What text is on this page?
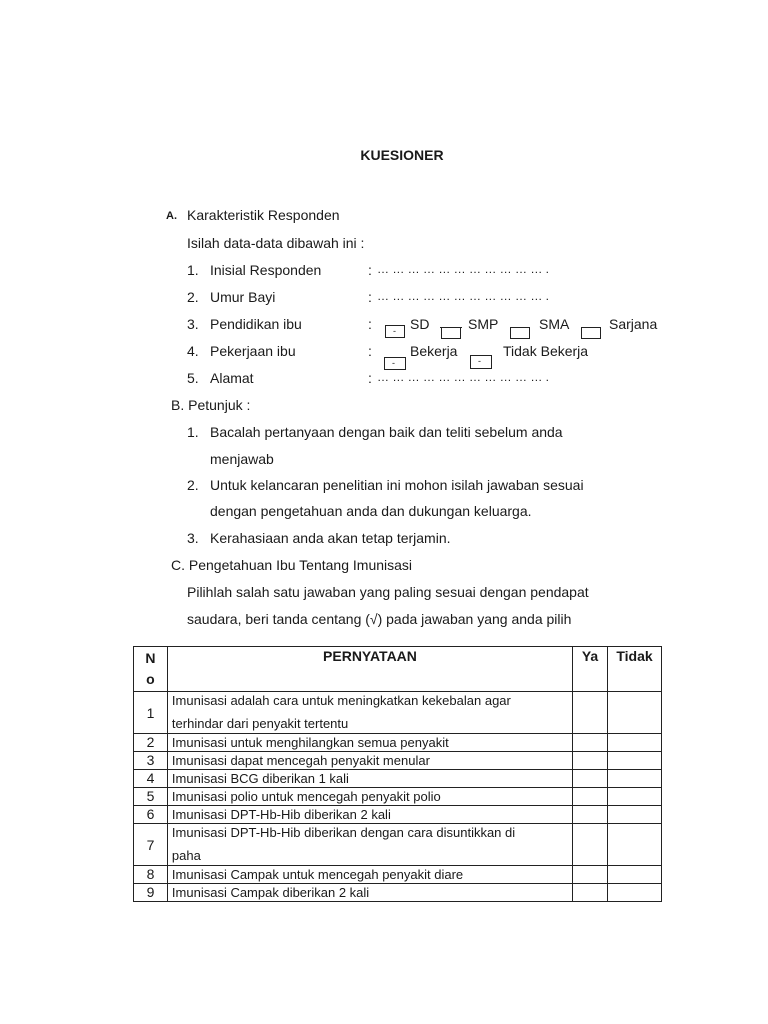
KUESIONER
A. Karakteristik Responden
Isilah data-data dibawah ini :
1. Inisial Responden	: … … … … … … … … … … … .
2. Umur Bayi	: … … … … … … … … … … … .
3. Pendidikan ibu	: - SD	SMP	SMA	Sarjana
4. Pekerjaan ibu	:
-
Bekerja
-
Tidak Bekerja
5. Alamat	: … … … … … … … … … … … .
B. Petunjuk :
1. Bacalah pertanyaan dengan baik dan teliti sebelum anda
menjawab
2. Untuk kelancaran penelitian ini mohon isilah jawaban sesuai
dengan pengetahuan anda dan dukungan keluarga.
3. Kerahasiaan anda akan tetap terjamin.
C. Pengetahuan Ibu Tentang Imunisasi
Pilihlah salah satu jawaban yang paling sesuai dengan pendapat
saudara, beri tanda centang (√) pada jawaban yang anda pilih
N
o	PERNYATAAN	Ya	Tidak
1	Imunisasi adalah cara untuk meningkatkan kekebalan agar
terhindar dari penyakit tertentu		

2	Imunisasi untuk menghilangkan semua penyakit		
3	Imunisasi dapat mencegah penyakit menular		
4	Imunisasi BCG diberikan 1 kali		
5	Imunisasi polio untuk mencegah penyakit polio		
6	Imunisasi DPT-Hb-Hib diberikan 2 kali		
7	Imunisasi DPT-Hb-Hib diberikan dengan cara disuntikkan di
paha		

8	Imunisasi Campak untuk mencegah penyakit diare		
9	Imunisasi Campak diberikan 2 kali		
